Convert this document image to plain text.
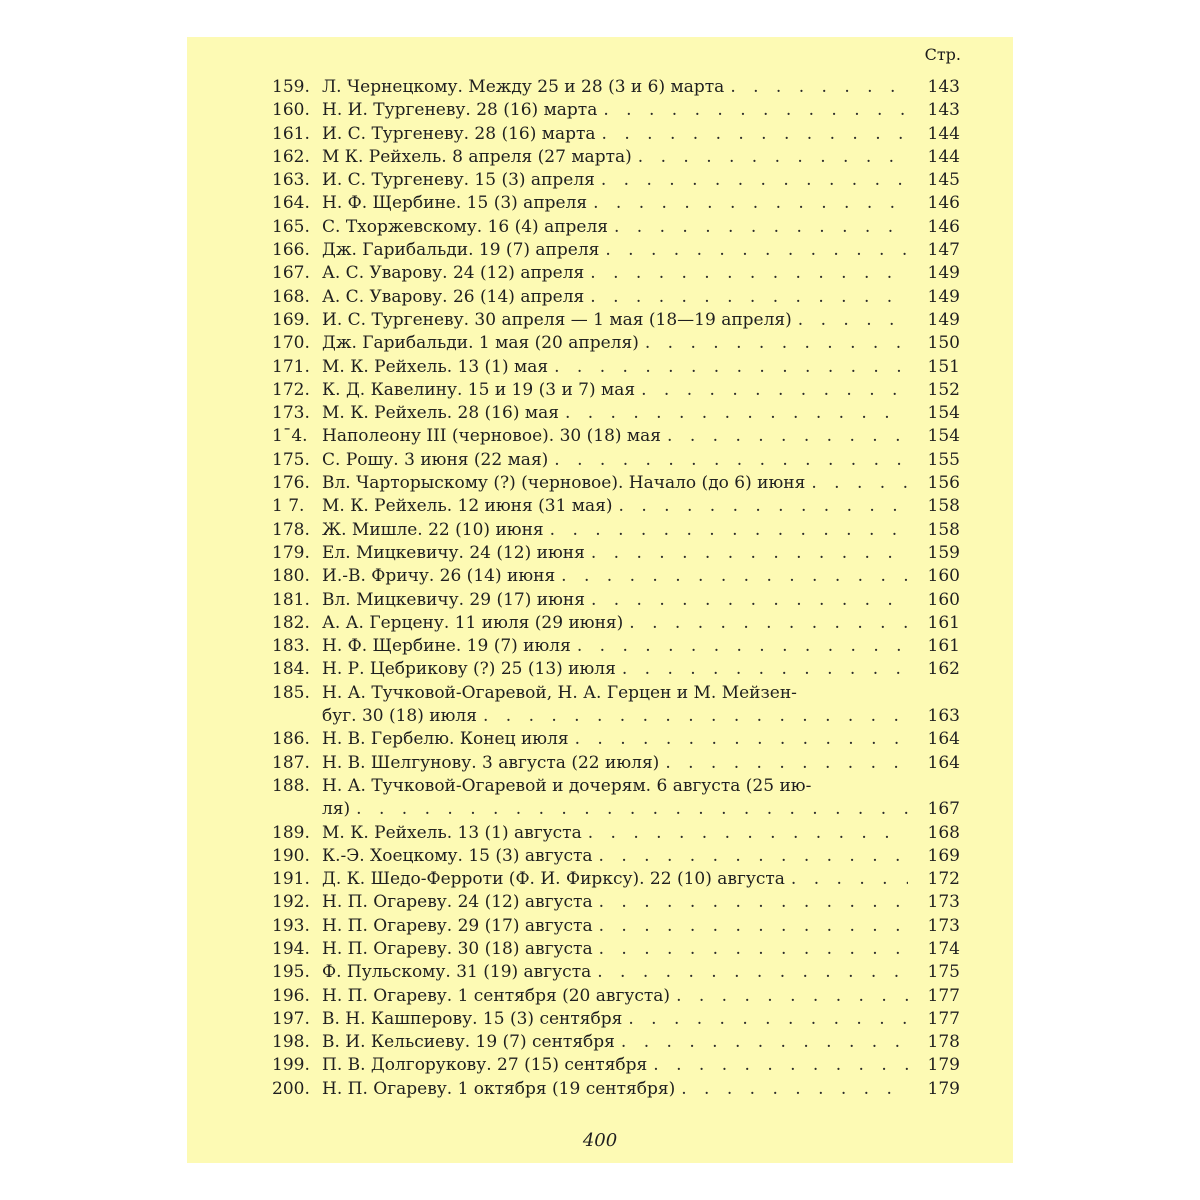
Стр.
159. Л. Чернецкому. Между 25 и 28 (3 и 6) марта . . .	143
160. Н. И. Тургеневу. 28 (16) марта . . .	143
161. И. С. Тургеневу. 28 (16) марта . . .	144
162. М К. Рейхель. 8 апреля (27 марта) . . .	144
163. И. С. Тургеневу. 15 (3) апреля . . .	145
164. Н. Ф. Щербине. 15 (3) апреля . . .	146
165. С. Тхоржевскому. 16 (4) апреля . . .	146
166. Дж. Гарибальди. 19 (7) апреля . . .	147
167. А. С. Уварову. 24 (12) апреля . . .	149
168. А. С. Уварову. 26 (14) апреля . . .	149
169. И. С. Тургеневу. 30 апреля — 1 мая (18—19 апреля) . . .	149
170. Дж. Гарибальди. 1 мая (20 апреля) . . .	150
171. М. К. Рейхель. 13 (1) мая . . .	151
172. К. Д. Кавелину. 15 и 19 (3 и 7) мая . . .	152
173. М. К. Рейхель. 28 (16) мая . . .	154
1¯4. Наполеону III (черновое). 30 (18) мая . . .	154
175. С. Рошу. 3 июня (22 мая) . . .	155
176. Вл. Чарторыскому (?) (черновое). Начало (до 6) июня . . .	156
1 7.	М. К. Рейхель. 12 июня (31 мая) . . .	158
178. Ж. Мишле. 22 (10) июня . . .	158
179. Ел. Мицкевичу. 24 (12) июня . . .	159
180. И.-В. Фричу. 26 (14) июня . . .	160
181. Вл. Мицкевичу. 29 (17) июня . . .	160
182. А. А. Герцену. 11 июля (29 июня) . . .	161
183. Н. Ф. Щербине. 19 (7) июля . . .	161
184. Н. Р. Цебрикову (?) 25 (13) июля . . .	162
185. Н. А. Тучковой-Огаревой, Н. А. Герцен и М. Мейзен-
буг. 30 (18) июля . . .	163
186. Н. В. Гербелю. Конец июля . . .	164
187. Н. В. Шелгунову. 3 августа (22 июля) . . .	164
188. Н. А. Тучковой-Огаревой и дочерям. 6 августа (25 ию-
ля) . . .	167
189. М. К. Рейхель. 13 (1) августа . . .	168
190. К.-Э. Хоецкому. 15 (3) августа . . .	169
191. Д. К. Шедо-Ферроти (Ф. И. Фирксу). 22 (10) августа . . .	172
192. Н. П. Огареву. 24 (12) августа . . .	173
193. Н. П. Огареву. 29 (17) августа . . .	173
194. Н. П. Огареву. 30 (18) августа . . .	174
195. Ф. Пульскому. 31 (19) августа . . .	175
196. Н. П. Огареву. 1 сентября (20 августа) . . .	177
197. В. Н. Кашперову. 15 (3) сентября . . .	177
198. В. И. Кельсиеву. 19 (7) сентября . . .	178
199. П. В. Долгорукову. 27 (15) сентября . . .	179
200. Н. П. Огареву. 1 октября (19 сентября) . . .	179
400
